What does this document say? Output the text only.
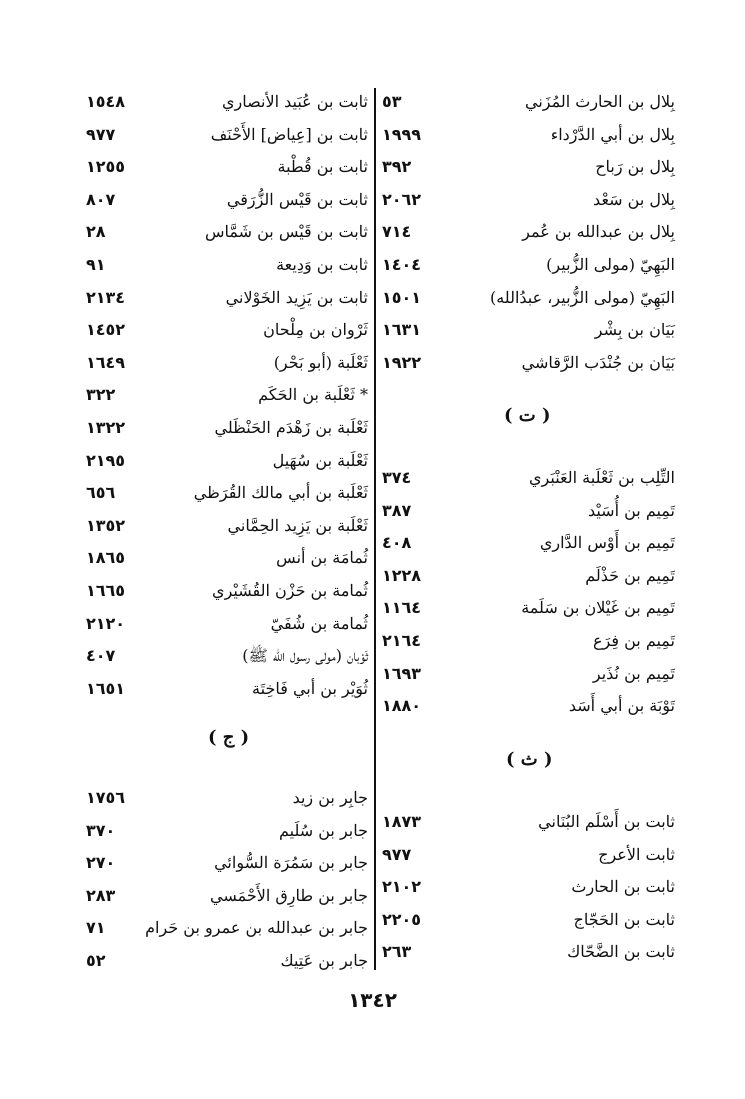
بِلال بن الحارث المُزَني
٥٣
بِلال بن أبي الدَّرْداء
١٩٩٩
بِلال بن رَباح
٣٩٢
بِلال بن سَعْد
٢٠٦٢
بِلال بن عبدالله بن عُمر
٧١٤
البَهِيّ (مولى الزُّبير)
١٤٠٤
البَهِيّ (مولى الزُّبير، عبدُالله)
١٥٠١
بَيَان بن بِشْر
١٦٣١
بَيَان بن جُنْدَب الرَّقاشي
١٩٢٢
( ت )
التِّلِب بن ثَعْلَبة العَنْبَري
٣٧٤
تَمِيم بن أُسَيْد
٣٨٧
تَمِيم بن أَوْس الدَّاري
٤٠٨
تَمِيم بن حَذْلَم
١٢٢٨
تَمِيم بن غَيْلان بن سَلَمة
١١٦٤
تَمِيم بن فِرَع
٢١٦٤
تَمِيم بن نُذَير
١٦٩٣
تَوْبَة بن أبي أَسَد
١٨٨٠
( ث )
ثابت بن أَسْلَم البُنَاني
١٨٧٣
ثابت الأعرج
٩٧٧
ثابت بن الحارث
٢١٠٢
ثابت بن الحَجّاج
٢٢٠٥
ثابت بن الضَّحّاك
٢٦٣
ثابت بن عُبَيد الأنصاري
١٥٤٨
ثابت بن [عِياض] الأَحْنَف
٩٧٧
ثابت بن قُطْبة
١٢٥٥
ثابت بن قَيْس الزُّرَقي
٨٠٧
ثابت بن قَيْس بن شَمَّاس
٢٨
ثابت بن وَدِيعة
٩١
ثابت بن يَزِيد الخَوْلاني
٢١٣٤
ثَرْوان بن مِلْحان
١٤٥٢
ثَعْلَبة (أبو بَحْر)
١٦٤٩
* ثَعْلَبة بن الحَكَم
٣٢٢
ثَعْلَبة بن زَهْدَم الحَنْظَلي
١٣٢٢
ثَعْلَبة بن سُهَيل
٢١٩٥
ثَعْلَبة بن أبي مالك القُرَظي
٦٥٦
ثَعْلَبة بن يَزِيد الحِمَّاني
١٣٥٢
ثُمامَة بن أنس
١٨٦٥
ثُمامة بن حَزْن القُشَيْري
١٦٦٥
ثُمامة بن شُفَيّ
٢١٢٠
ثَوْبان (مولى رسول الله ﷺ)
٤٠٧
ثُوَيْر بن أبي فَاخِتَة
١٦٥١
( ج )
جابِر بن زيد
١٧٥٦
جابر بن سُلَيم
٣٧٠
جابر بن سَمُرَة السُّوائي
٢٧٠
جابر بن طارِق الأَحْمَسي
٢٨٣
جابر بن عبدالله بن عمرو بن حَرام
٧١
جابر بن عَتِيك
٥٢
١٣٤٢
